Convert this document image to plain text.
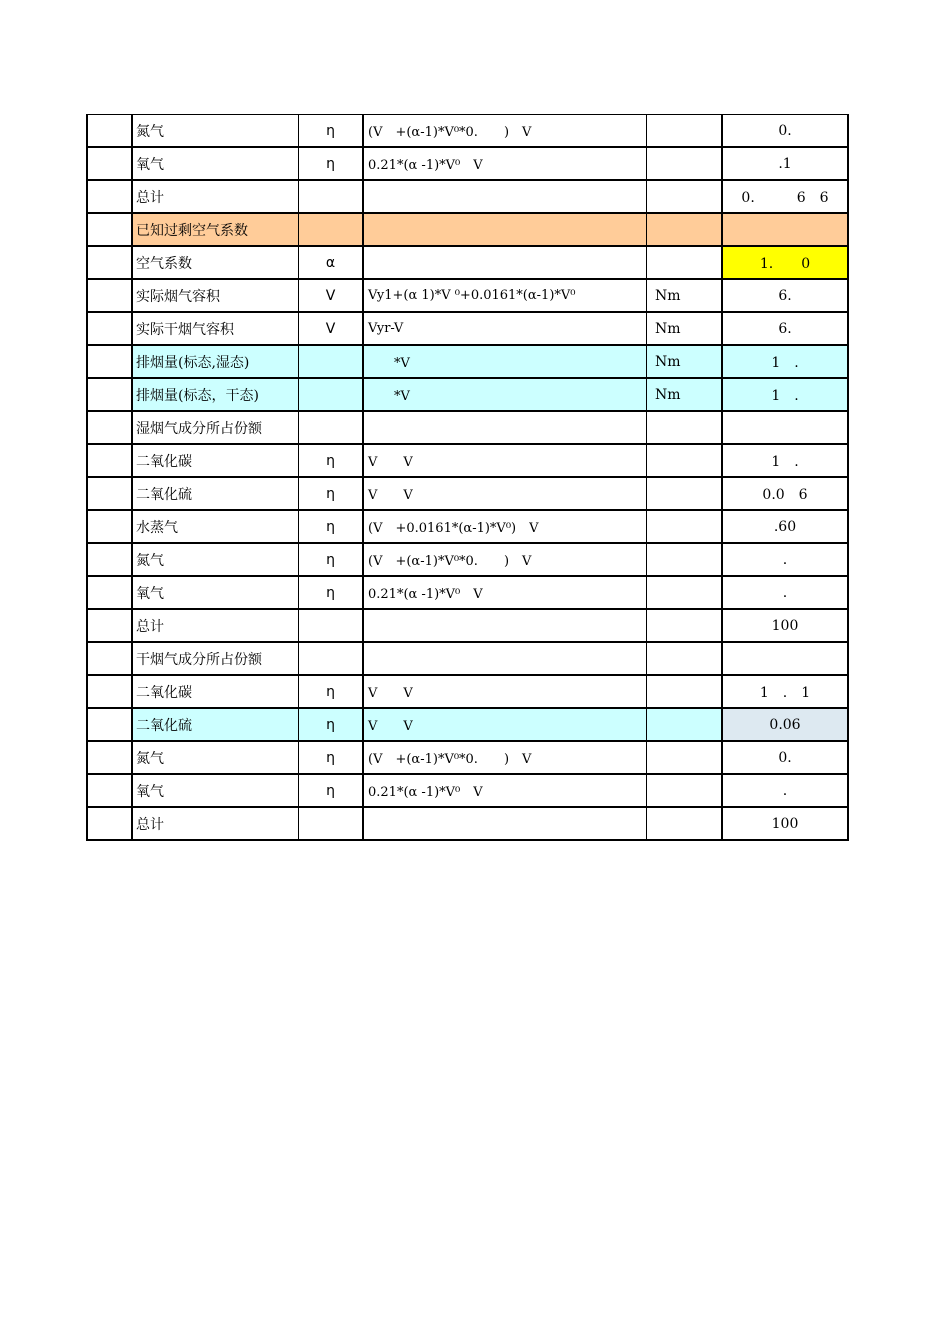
	氮气	η	(V　+(α-1)*V⁰*0.　　)　V		0.
	氧气	η	0.21*(α -1)*V⁰　V		.1
	总计				0.　　　6　6
	已知过剩空气系数				
	空气系数	α			1.　　0
	实际烟气容积	V	Vy1+(α 1)*V ⁰+0.0161*(α-1)*V⁰	Nm	6.
	实际干烟气容积	V	Vyr-V	Nm	6.
	排烟量(标态,湿态)		　　*V	Nm	1　.
	排烟量(标态，干态)		　　*V	Nm	1　.
	湿烟气成分所占份额				
	二氧化碳	η	V　　V		1　.
	二氧化硫	η	V　　V		0.0　6
	水蒸气	η	(V　+0.0161*(α-1)*V⁰)　V		.60
	氮气	η	(V　+(α-1)*V⁰*0.　　)　V		.
	氧气	η	0.21*(α -1)*V⁰　V		.
	总计				100
	干烟气成分所占份额				
	二氧化碳	η	V　　V		1　.　1
	二氧化硫	η	V　　V		0.06
	氮气	η	(V　+(α-1)*V⁰*0.　　)　V		0.
	氧气	η	0.21*(α -1)*V⁰　V		.
	总计				100
